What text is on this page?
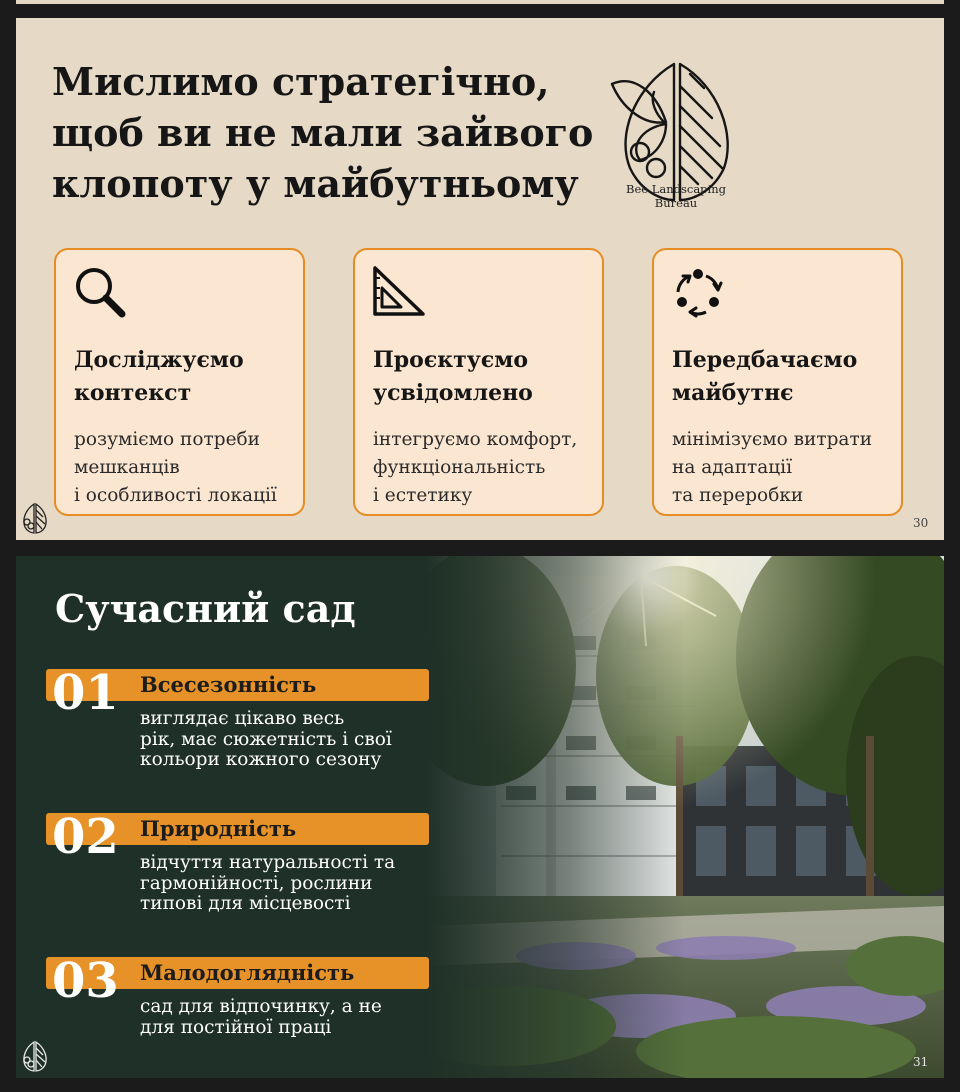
Мислимо стратегічно,
щоб ви не мали зайвого
клопоту у майбутньому	Bee Landscaping Bureau
Досліджуємо
контекст
розуміємо потреби
мешканців
і особливості локації
Проєктуємо
усвідомлено
інтегруємо комфорт,
функціональність
і естетику
Передбачаємо
майбутнє
мінімізуємо витрати
на адаптації
та переробки
30
Сучасний сад
01 Всесезонність
виглядає цікаво весь
рік, має сюжетність і свої
кольори кожного сезону
02 Природність
відчуття натуральності та
гармонійності, рослини
типові для місцевості
03 Малодоглядність
сад для відпочинку, а не
для постійної праці
31
